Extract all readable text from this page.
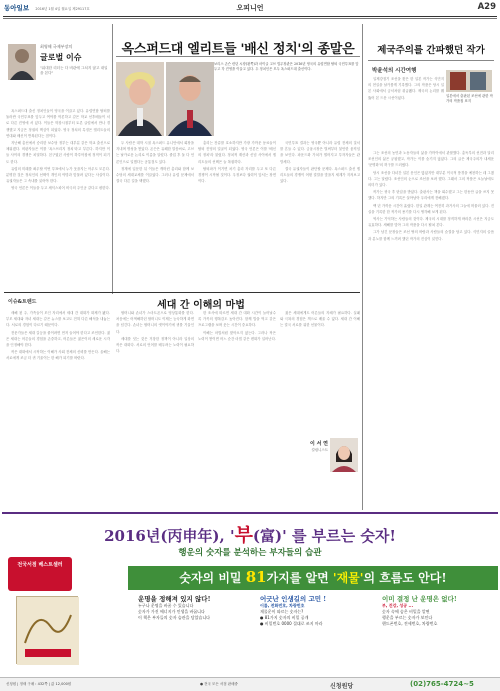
동아일보 2016년 1월 4일 월요일 제29117호	오피니언	A29
최영해 국제부장의
글로벌 이슈
"위대한 리더는 다 비관에 그치지 않고 내일을 본다"

옥스퍼드대 출신 정치인들이 영국을 이끌고 있다. 유럽연합 탈퇴를 둘러싼 국민투표를 앞두고 여야를 막론하고 같은 학교 선후배들이 서로 다른 진영에 서 있다. 이들은 학창시절부터 토론 클럽에서 만나 경쟁했고 지금은 정권의 핵심이 되었다. 영국 정치의 특징은 엘리트들의 연대와 배신이 반복된다는 점이다.

지난해 총선에서 승리한 보수당 정부는 대부분 같은 학교 출신으로 채워졌다. 비판자들은 이를 '옥스브리지 정치'라고 부른다. 하지만 이들 사이의 경쟁은 치열하다. 친구였던 사람이 하루아침에 정적이 되기도 한다.

유럽의 미래를 좌우할 이번 투표에서 누가 웃을지는 아무도 모른다. 분명한 것은 정치인의 선택이 개인의 야망과 맞물려 있다는 사실이다. 유권자들은 그 속내를 읽어야 한다.

영국 언론은 이들을 두고 셰익스피어 비극의 주인공 같다고 평한다.

옥스퍼드대 엘리트들 '배신 정치'의 종말은
보리스 존슨 런던 시장(왼쪽)과 마이클 고브 법무장관은 2016년 영국의 유럽연합 탈퇴 국민투표를 앞두고 각 진영을 이끌고 있다. 두 정치인은 모두 옥스퍼드대 출신이다.

두 사람은 대학 시절 옥스퍼드 유니언에서 회장을 지내며 명성을 쌓았다. 존슨은 유쾌한 말솜씨로, 고브는 날카로운 논리로 이름을 알렸다. 졸업 후 둘 다 언론인으로 일했다는 공통점도 있다.

정계에 입문한 뒤 이들은 캐머런 총리와 함께 보수당의 세대교체를 이끌었다. 그러나 유럽 문제에서 결국 다른 길을 택했다.

총리는 잔류를 호소하지만 가장 가까운 동료들이 탈퇴 진영의 얼굴이 되었다. 영국 언론은 이를 '배신의 정치'라 불렀다. 정치적 계산과 신념 사이에서 엘리트들의 선택은 늘 복잡하다.

탈퇴파가 이기면 차기 총리 자리를 두고 또 다른 경쟁이 시작될 것이다. 우정보다 권력이 앞서는 장면이다.

국민투표 결과는 영국뿐 아니라 유럽 전체의 질서를 흔들 수 있다. 금융시장은 벌써부터 불안한 움직임을 보인다. 파운드화 가치가 떨어지고 투자자들은 관망세다.

결국 유권자들이 판단할 문제다. 옥스퍼드 출신 엘리트들의 경쟁이 어떤 결말을 맞을지 세계가 지켜보고 있다.

제국주의를 간파했던 작가
박윤석의 시간여행

일제강점기 조선을 찾은 한 일본 작가는 식민지의 현실을 날카롭게 기록했다. 그의 작품은 당시 일본 사회에서 금서처럼 취급됐다. 제국의 논리를 꿰뚫어 본 드문 시선이었다.	일본에서 출판된 조선에 관한 작가의 작품집 표지

그는 조선의 농민과 노동자들의 삶을 가까이에서 관찰했다. 총독부의 선전과 달리 조선인의 삶은 궁핍했고, 작가는 이를 숨기지 않았다. 그의 글은 제국주의가 내세운 '문명화'의 허구를 드러냈다.

당시 조선을 다녀간 일본 문인은 많았지만 대부분 이국적 풍경을 예찬하는 데 그쳤다. 그는 달랐다. 조선인의 눈으로 조선을 보려 했다. 그래서 그의 작품은 오늘날에도 의미가 있다.

작가는 귀국 후 탄압을 받았다. 출판사는 책을 회수했고 그는 한동안 글을 쓰지 못했다. 하지만 그의 기록은 살아남아 우리에게 전해졌다.

백 년 가까운 시간이 흘렀다. 한일 관계는 여전히 과거사의 그늘에 머물러 있다. 진실을 기록한 한 작가의 용기를 다시 생각해 보게 된다.

역사는 기억하는 사람들의 것이다. 제국의 시대를 정직하게 바라본 시선은 지금도 유효하다. 새해를 맞아 그의 작품을 다시 펼쳐 본다.

그가 남긴 문장들은 조선 땅의 바람과 사람들의 숨결을 담고 있다. 식민지의 슬픔과 분노를 함께 느끼려 했던 작가의 진심이 읽힌다.

이슈&트렌드	세대 간 이해의 마법

새해 첫 주, 가족들이 모인 자리에서 세대 간 대화가 화제가 됐다. 부모 세대와 자녀 세대는 같은 뉴스를 보고도 전혀 다른 해석을 내놓는다. 서로의 경험이 다르기 때문이다.

전문가들은 세대 갈등을 줄이려면 먼저 들어야 한다고 조언한다. 젊은 세대는 어른들의 경험을 존중하고, 어른들은 젊은이의 새로운 시각을 인정해야 한다.

작은 대화에서 시작하는 이해가 사회 전체의 신뢰를 만든다. 올해는 서로에게 조금 더 귀 기울이는 한 해가 되기를 바란다.

할머니와 손녀가 스마트폰으로 영상통화를 한다. 처음에는 어색해하던 할머니도 이제는 능숙하게 화면을 넘긴다. 손녀는 할머니의 옛이야기에 귀를 기울인다.

세대를 잇는 것은 거창한 정책이 아니라 일상의 작은 대화다. 서로의 언어를 배우려는 노력이 필요하다.

한 조사에 따르면 세대 간 대화 시간이 늘어날수록 가족의 행복감도 높아진다. 함께 밥을 먹고 같은 프로그램을 보며 웃는 시간이 중요하다.

이해는 마법처럼 찾아오지 않는다. 그러나 작은 노력이 쌓이면 어느 순간 마법 같은 변화가 일어난다.

젊은 세대에게도 어른들의 지혜가 필요하다. 실패와 극복의 경험은 책으로 배울 수 없다. 세대 간 이해는 결국 서로를 위한 선물이다.

이 서 연
칼럼니스트
2016년(丙申年), '부(富)' 를 부르는 숫자!
행운의 숫자를 분석하는 부자들의 습관
전국서점 베스트셀러
숫자의 비밀 81가지를 알면 '재물'의 흐름도 안다!
운명을 정해져 있지 않다!
누구나 운명을 바꿀 수 있습니다
숫자가 가진 에너지가 인생을 바꿉니다
이 책은 부자들의 숫자 습관을 담았습니다
어긋난 인생길의 고민 !
이름, 전화번호, 차량번호
재물운이 따르는 숫자는?
● 81가지 숫자의 비밀 공개
● 비밀번호 0000 절대로 쓰지 마라
이미 결정 난 운명은 없다!
부, 건강, 성공 ...
숫자 속에 숨은 비밀을 알면
행운을 부르는 숫자가 보인다
핸드폰번호, 전세번호, 차량번호
신청원 | 정새 구매 : 432쪽 | 값 12,000원	● 전국 모든 서점 판매중	신청원당	(02)765-4724~5
